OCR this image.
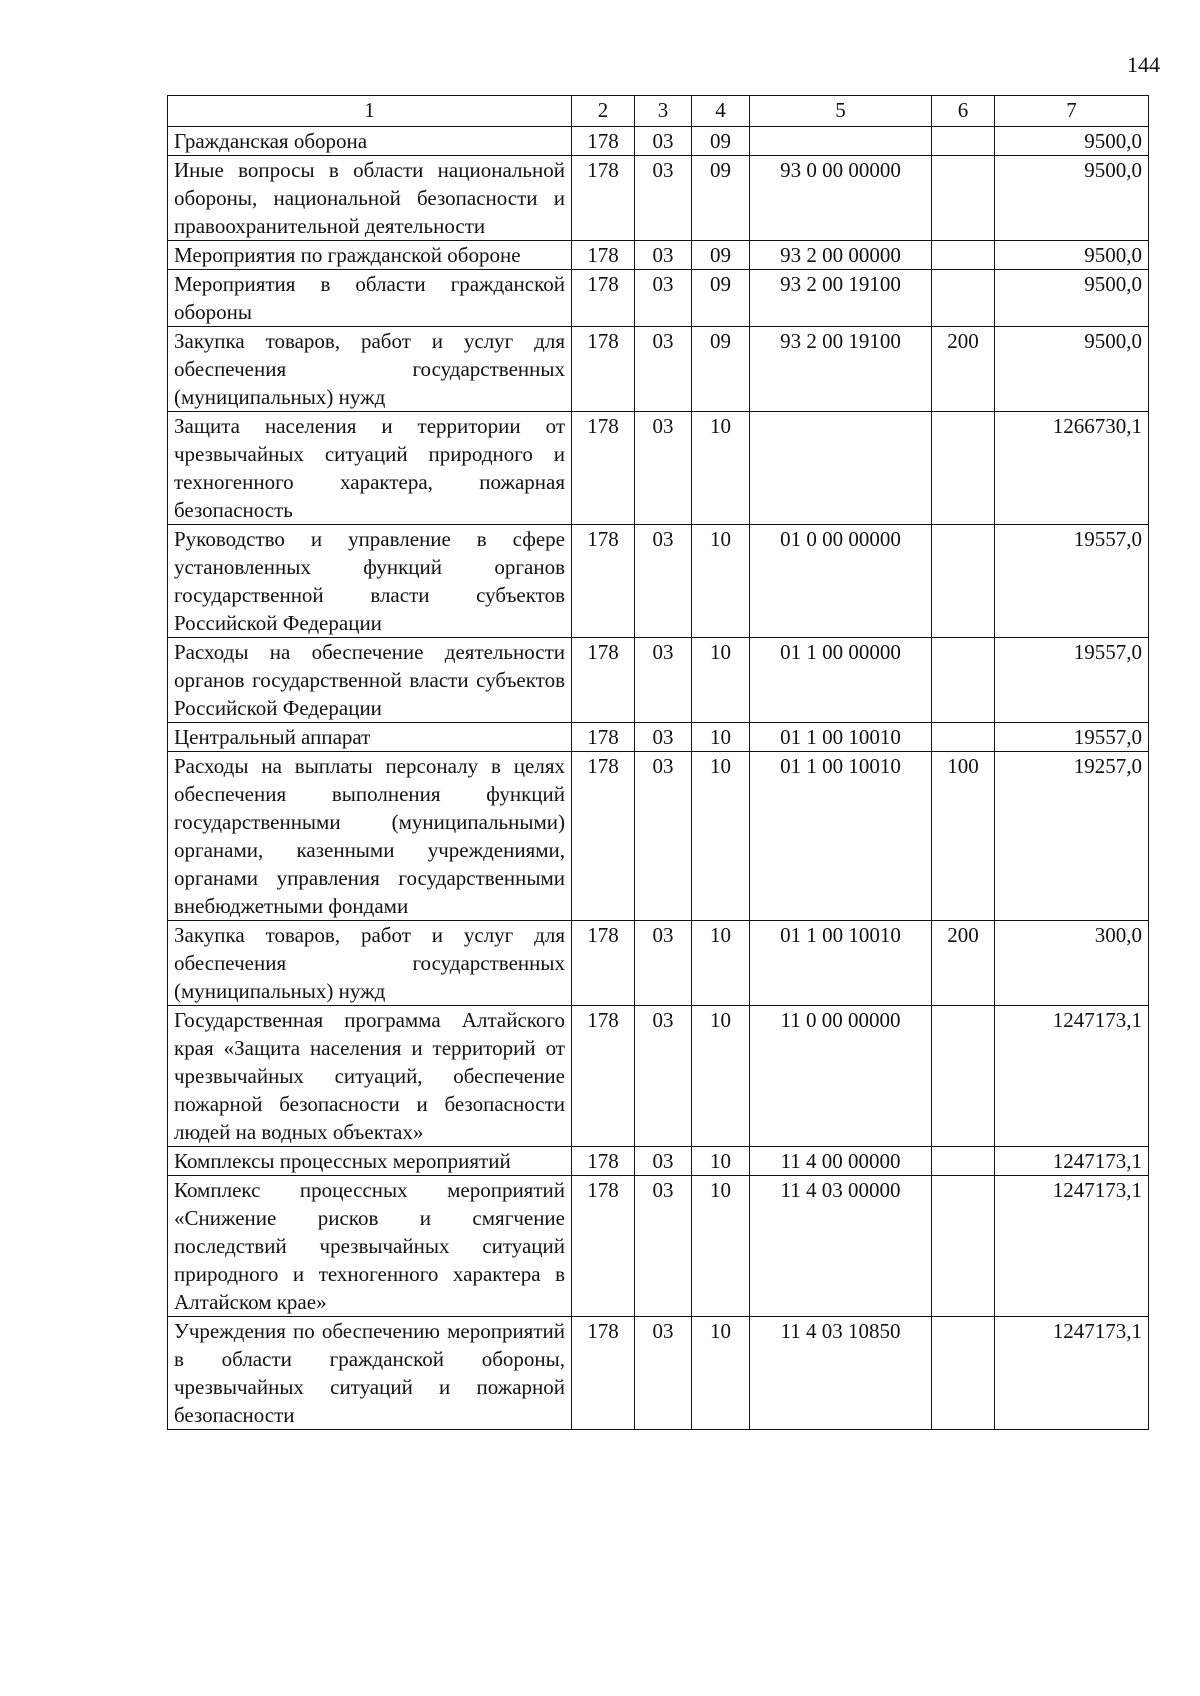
144
1	2	3	4	5	6	7
Гражданская оборона	178	03	09			9500,0
Иные вопросы в области национальной обороны, национальной безопасности и правоохранительной деятельности	178	03	09	93 0 00 00000		9500,0
Мероприятия по гражданской обороне	178	03	09	93 2 00 00000		9500,0
Мероприятия в области гражданской обороны	178	03	09	93 2 00 19100		9500,0
Закупка товаров, работ и услуг для обеспечения государственных (муниципальных) нужд	178	03	09	93 2 00 19100	200	9500,0
Защита населения и территории от чрезвычайных ситуаций природного и техногенного характера, пожарная безопасность	178	03	10			1266730,1
Руководство и управление в сфере установленных функций органов государственной власти субъектов Российской Федерации	178	03	10	01 0 00 00000		19557,0
Расходы на обеспечение деятельности органов государственной власти субъектов Российской Федерации	178	03	10	01 1 00 00000		19557,0
Центральный аппарат	178	03	10	01 1 00 10010		19557,0
Расходы на выплаты персоналу в целях обеспечения выполнения функций государственными (муниципальными) органами, казенными учреждениями, органами управления государственными внебюджетными фондами	178	03	10	01 1 00 10010	100	19257,0
Закупка товаров, работ и услуг для обеспечения государственных (муниципальных) нужд	178	03	10	01 1 00 10010	200	300,0
Государственная программа Алтайского края «Защита населения и территорий от чрезвычайных ситуаций, обеспечение пожарной безопасности и безопасности людей на водных объектах»	178	03	10	11 0 00 00000		1247173,1
Комплексы процессных мероприятий	178	03	10	11 4 00 00000		1247173,1
Комплекс процессных мероприятий «Снижение рисков и смягчение последствий чрезвычайных ситуаций природного и техногенного характера в Алтайском крае»	178	03	10	11 4 03 00000		1247173,1
Учреждения по обеспечению мероприятий в области гражданской обороны, чрезвычайных ситуаций и пожарной безопасности	178	03	10	11 4 03 10850		1247173,1
